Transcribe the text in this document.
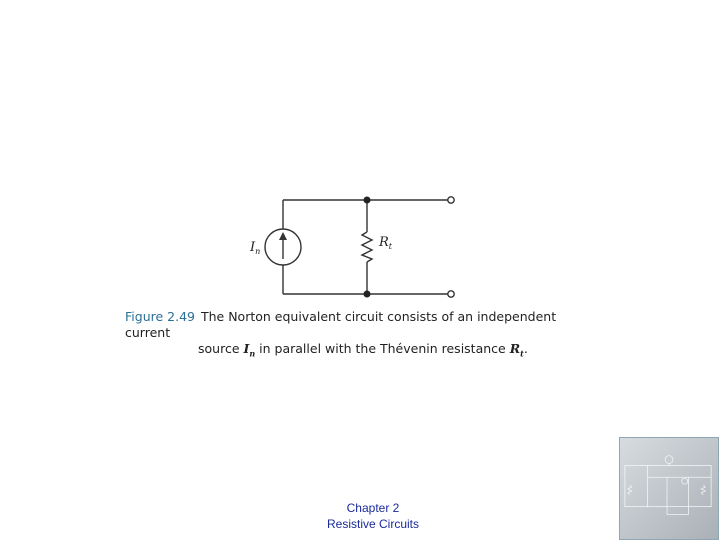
$I_n$
$R_t$
Figure 2.49 The Norton equivalent circuit consists of an independent current
source $I_n$ in parallel with the Thévenin resistance $R_t$.
Chapter 2
Resistive Circuits
